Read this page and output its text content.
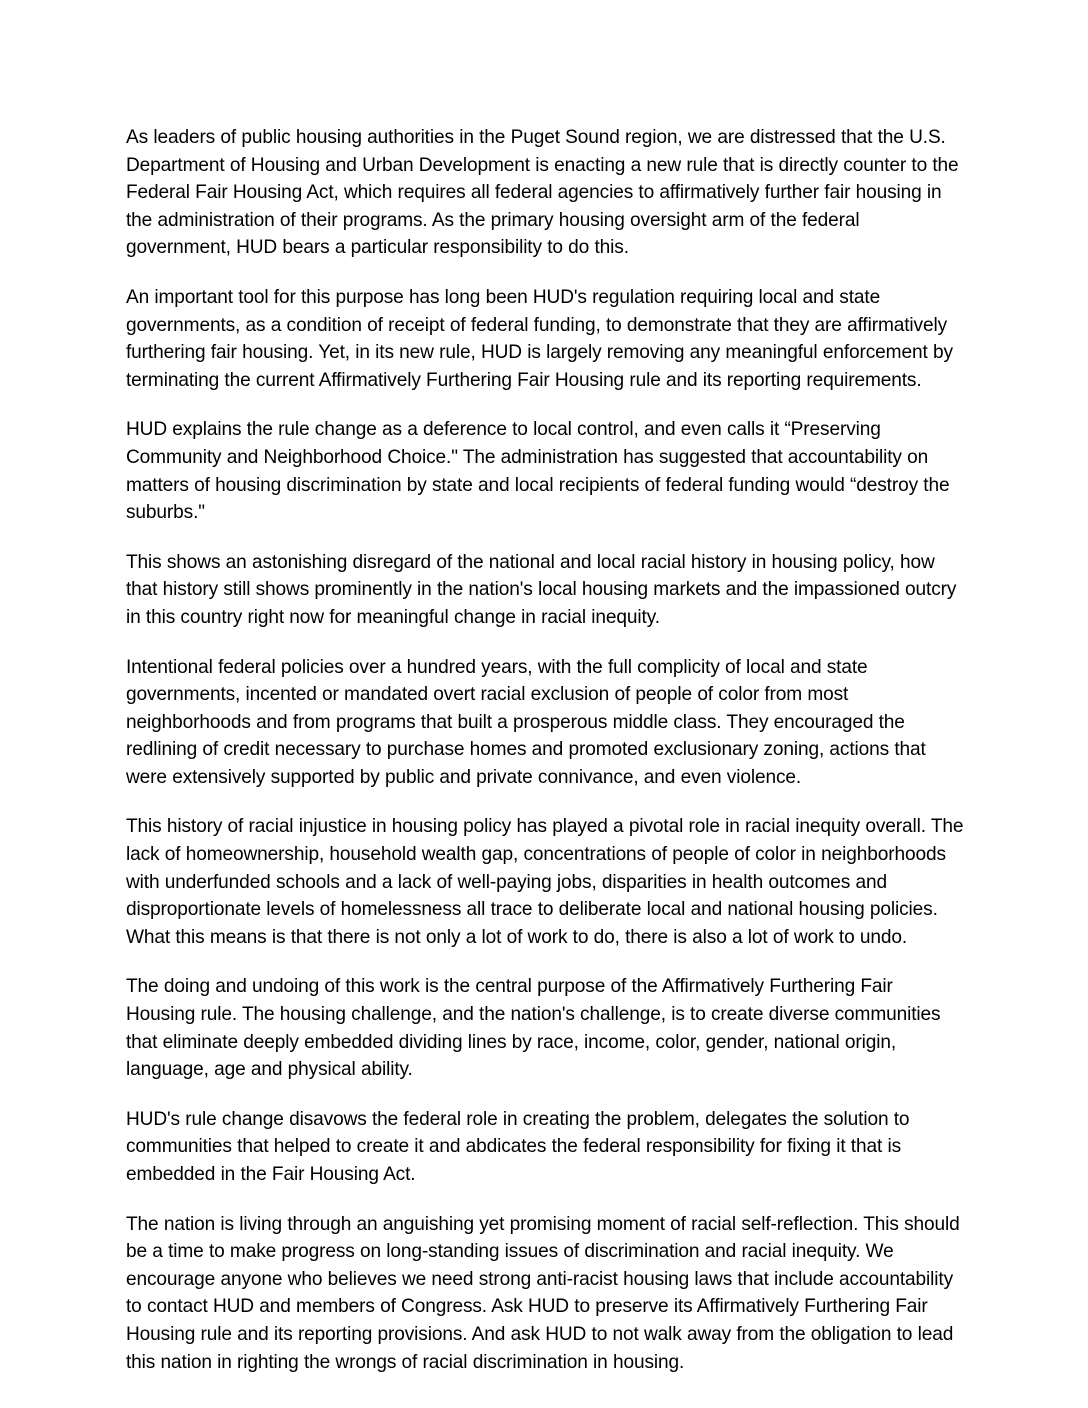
As leaders of public housing authorities in the Puget Sound region, we are distressed that the U.S. Department of Housing and Urban Development is enacting a new rule that is directly counter to the Federal Fair Housing Act, which requires all federal agencies to affirmatively further fair housing in the administration of their programs. As the primary housing oversight arm of the federal government, HUD bears a particular responsibility to do this.

An important tool for this purpose has long been HUD's regulation requiring local and state governments, as a condition of receipt of federal funding, to demonstrate that they are affirmatively furthering fair housing. Yet, in its new rule, HUD is largely removing any meaningful enforcement by terminating the current Affirmatively Furthering Fair Housing rule and its reporting requirements.

HUD explains the rule change as a deference to local control, and even calls it “Preserving Community and Neighborhood Choice." The administration has suggested that accountability on matters of housing discrimination by state and local recipients of federal funding would “destroy the suburbs."

This shows an astonishing disregard of the national and local racial history in housing policy, how that history still shows prominently in the nation's local housing markets and the impassioned outcry in this country right now for meaningful change in racial inequity.

Intentional federal policies over a hundred years, with the full complicity of local and state governments, incented or mandated overt racial exclusion of people of color from most neighborhoods and from programs that built a prosperous middle class. They encouraged the redlining of credit necessary to purchase homes and promoted exclusionary zoning, actions that were extensively supported by public and private connivance, and even violence.

This history of racial injustice in housing policy has played a pivotal role in racial inequity overall. The lack of homeownership, household wealth gap, concentrations of people of color in neighborhoods with underfunded schools and a lack of well-paying jobs, disparities in health outcomes and disproportionate levels of homelessness all trace to deliberate local and national housing policies. What this means is that there is not only a lot of work to do, there is also a lot of work to undo.

The doing and undoing of this work is the central purpose of the Affirmatively Furthering Fair Housing rule. The housing challenge, and the nation's challenge, is to create diverse communities that eliminate deeply embedded dividing lines by race, income, color, gender, national origin, language, age and physical ability.

HUD's rule change disavows the federal role in creating the problem, delegates the solution to communities that helped to create it and abdicates the federal responsibility for fixing it that is embedded in the Fair Housing Act.

The nation is living through an anguishing yet promising moment of racial self-reflection. This should be a time to make progress on long-standing issues of discrimination and racial inequity. We encourage anyone who believes we need strong anti-racist housing laws that include accountability to contact HUD and members of Congress. Ask HUD to preserve its Affirmatively Furthering Fair Housing rule and its reporting provisions. And ask HUD to not walk away from the obligation to lead this nation in righting the wrongs of racial discrimination in housing.
